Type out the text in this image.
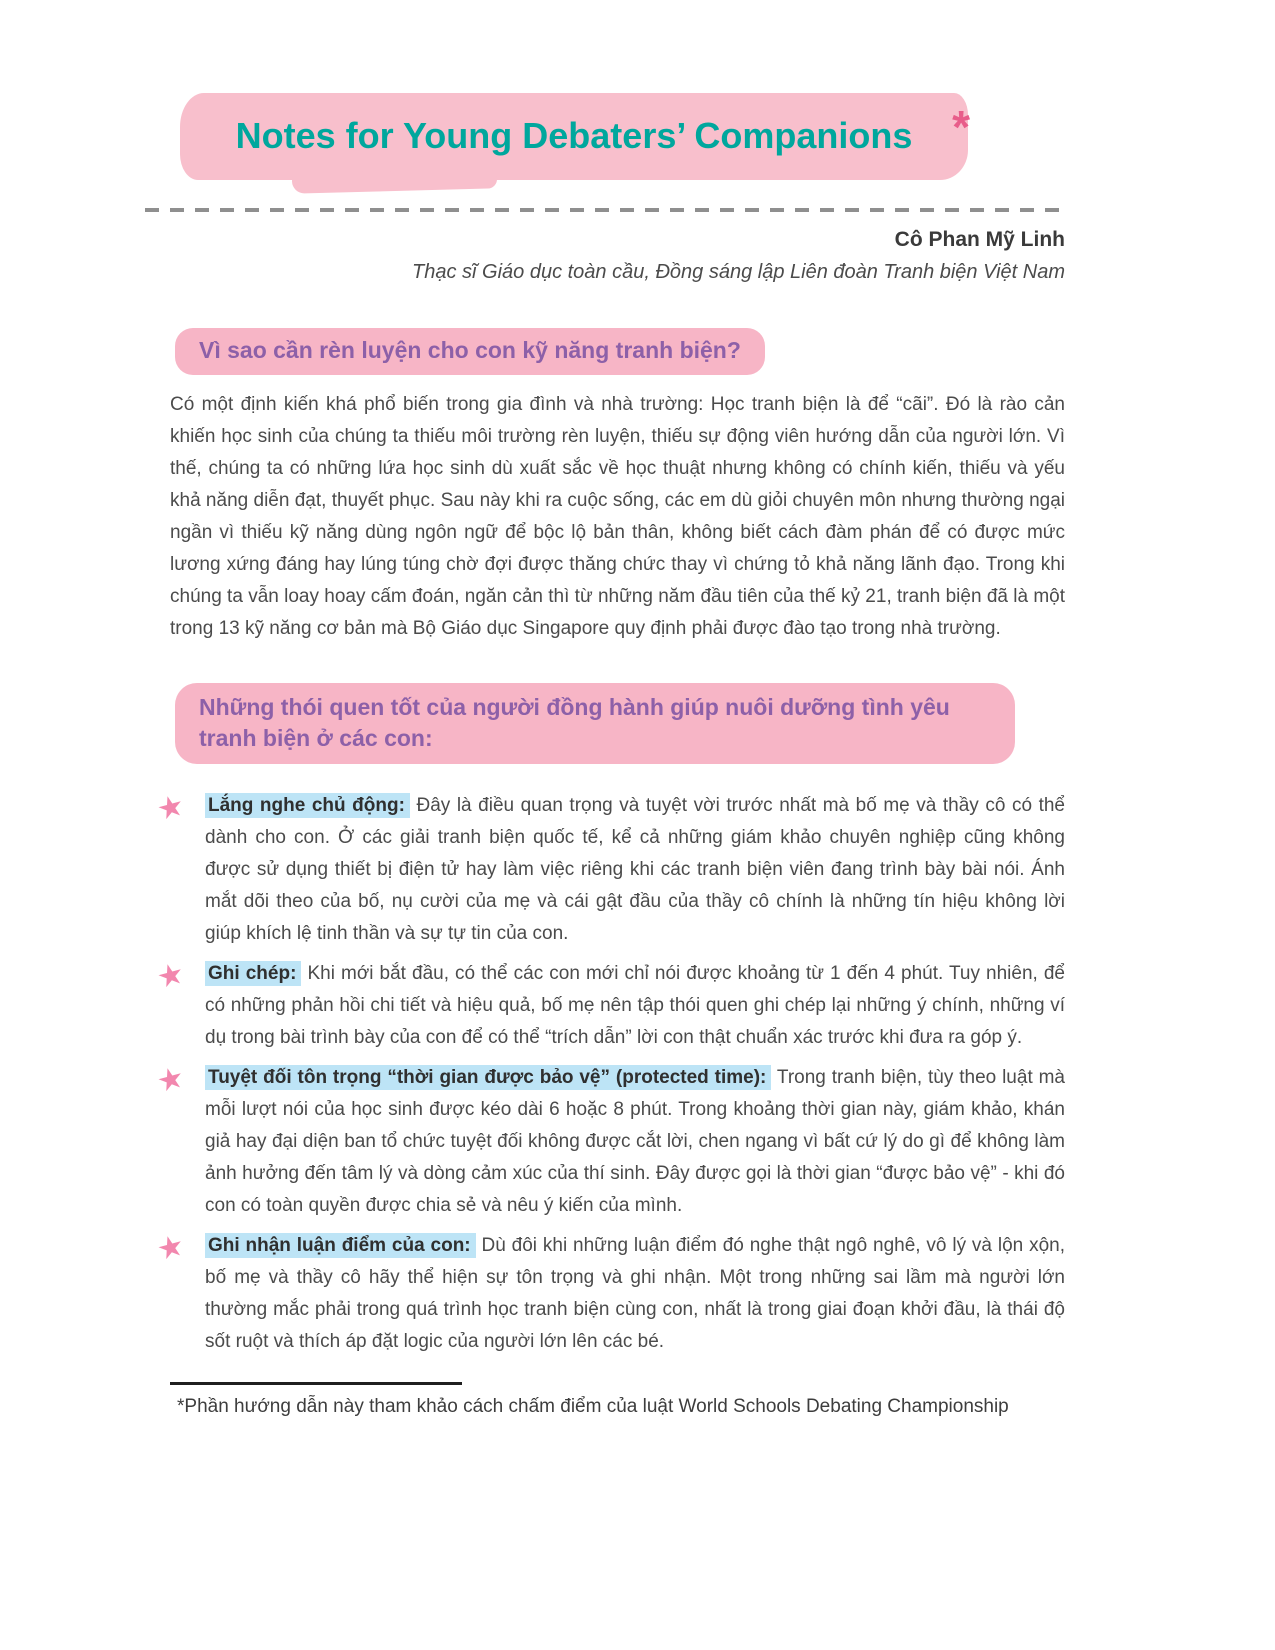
Notes for Young Debaters’ Companions *
Cô Phan Mỹ Linh
Thạc sĩ Giáo dục toàn cầu, Đồng sáng lập Liên đoàn Tranh biện Việt Nam
Vì sao cần rèn luyện cho con kỹ năng tranh biện?

Có một định kiến khá phổ biến trong gia đình và nhà trường: Học tranh biện là để “cãi”. Đó là rào cản khiến học sinh của chúng ta thiếu môi trường rèn luyện, thiếu sự động viên hướng dẫn của người lớn. Vì thế, chúng ta có những lứa học sinh dù xuất sắc về học thuật nhưng không có chính kiến, thiếu và yếu khả năng diễn đạt, thuyết phục. Sau này khi ra cuộc sống, các em dù giỏi chuyên môn nhưng thường ngại ngần vì thiếu kỹ năng dùng ngôn ngữ để bộc lộ bản thân, không biết cách đàm phán để có được mức lương xứng đáng hay lúng túng chờ đợi được thăng chức thay vì chứng tỏ khả năng lãnh đạo. Trong khi chúng ta vẫn loay hoay cấm đoán, ngăn cản thì từ những năm đầu tiên của thế kỷ 21, tranh biện đã là một trong 13 kỹ năng cơ bản mà Bộ Giáo dục Singapore quy định phải được đào tạo trong nhà trường.

Những thói quen tốt của người đồng hành giúp nuôi dưỡng tình yêu tranh biện ở các con:
★	Lắng nghe chủ động: Đây là điều quan trọng và tuyệt vời trước nhất mà bố mẹ và thầy cô có thể dành cho con. Ở các giải tranh biện quốc tế, kể cả những giám khảo chuyên nghiệp cũng không được sử dụng thiết bị điện tử hay làm việc riêng khi các tranh biện viên đang trình bày bài nói. Ánh mắt dõi theo của bố, nụ cười của mẹ và cái gật đầu của thầy cô chính là những tín hiệu không lời giúp khích lệ tinh thần và sự tự tin của con.

★	Ghi chép: Khi mới bắt đầu, có thể các con mới chỉ nói được khoảng từ 1 đến 4 phút. Tuy nhiên, để có những phản hồi chi tiết và hiệu quả, bố mẹ nên tập thói quen ghi chép lại những ý chính, những ví dụ trong bài trình bày của con để có thể “trích dẫn” lời con thật chuẩn xác trước khi đưa ra góp ý.

★	Tuyệt đối tôn trọng “thời gian được bảo vệ” (protected time): Trong tranh biện, tùy theo luật mà mỗi lượt nói của học sinh được kéo dài 6 hoặc 8 phút. Trong khoảng thời gian này, giám khảo, khán giả hay đại diện ban tổ chức tuyệt đối không được cắt lời, chen ngang vì bất cứ lý do gì để không làm ảnh hưởng đến tâm lý và dòng cảm xúc của thí sinh. Đây được gọi là thời gian “được bảo vệ” - khi đó con có toàn quyền được chia sẻ và nêu ý kiến của mình.

★	Ghi nhận luận điểm của con: Dù đôi khi những luận điểm đó nghe thật ngô nghê, vô lý và lộn xộn, bố mẹ và thầy cô hãy thể hiện sự tôn trọng và ghi nhận. Một trong những sai lầm mà người lớn thường mắc phải trong quá trình học tranh biện cùng con, nhất là trong giai đoạn khởi đầu, là thái độ sốt ruột và thích áp đặt logic của người lớn lên các bé.

*Phần hướng dẫn này tham khảo cách chấm điểm của luật World Schools Debating Championship
